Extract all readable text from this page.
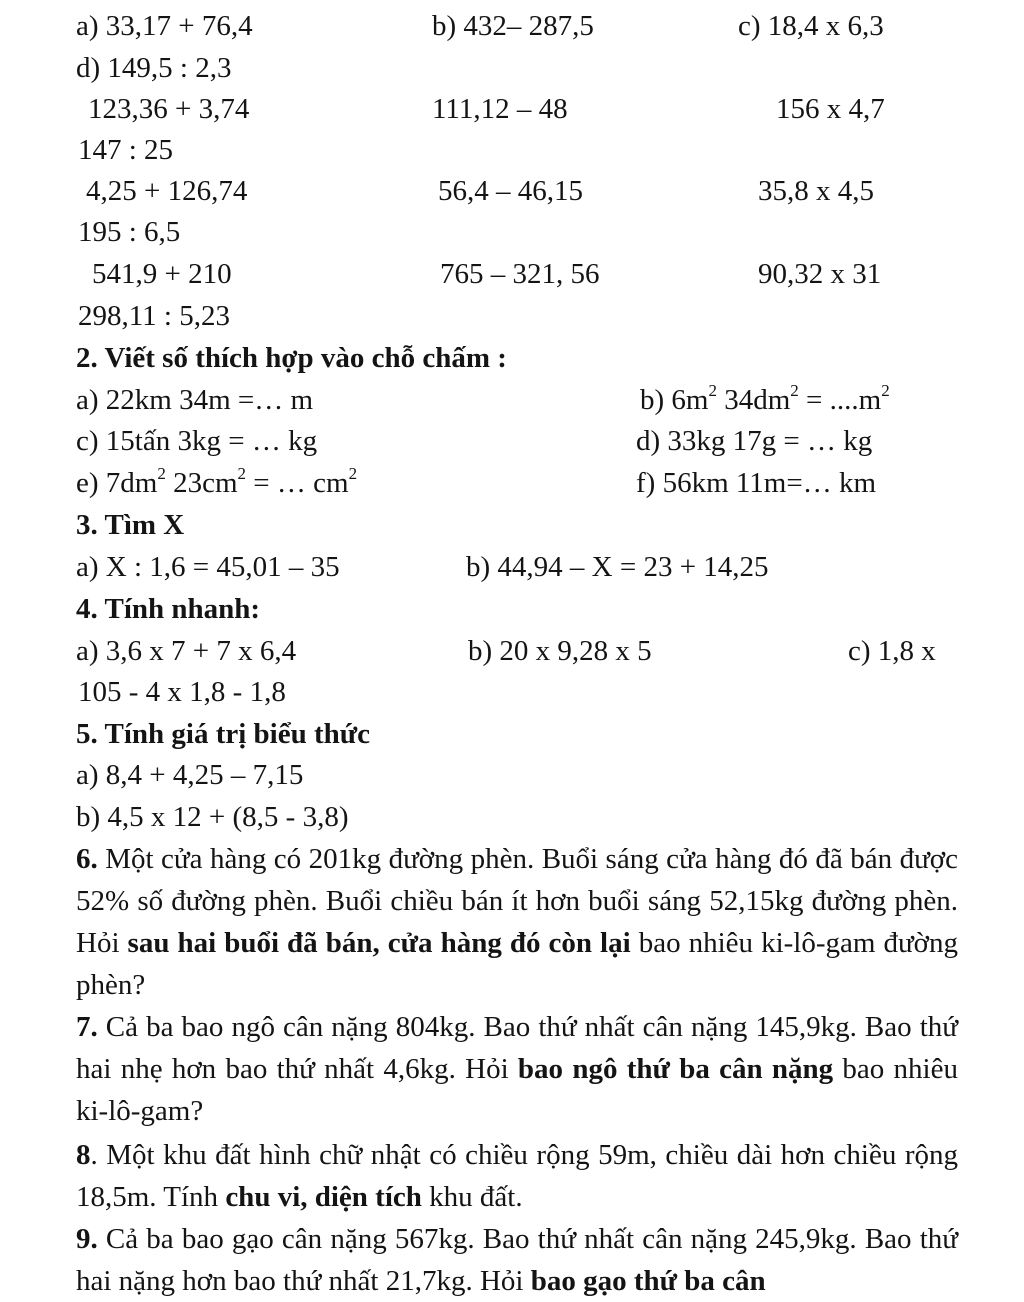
a) 33,17 + 76,4	b) 432– 287,5	c) 18,4 x 6,3
d) 149,5 : 2,3
123,36 + 3,74	111,12 – 48	156 x 4,7
147 : 25
4,25 + 126,74	56,4 – 46,15	35,8 x 4,5
195 : 6,5
541,9 + 210	765 – 321, 56	90,32 x 31
298,11 : 5,23
2. Viết số thích hợp vào chỗ chấm :
a) 22km 34m =… m	b) $6m^2$ $34dm^2 = ....m^2$
c) 15tấn 3kg = … kg	d) 33kg 17g = … kg
e) $7dm^2$ $23cm^2$ = … $cm^2$	f) 56km 11m=… km
3. Tìm X
a) X : 1,6 = 45,01 – 35	b) 44,94 – X = 23 + 14,25
4. Tính nhanh:
a) 3,6 x 7 + 7 x 6,4	b) 20 x 9,28 x 5	c) 1,8 x
105 - 4 x 1,8 - 1,8
5. Tính giá trị biểu thức
a) 8,4 + 4,25 – 7,15
b) 4,5 x 12 + (8,5 - 3,8)
6. Một cửa hàng có 201kg đường phèn. Buổi sáng cửa hàng đó đã bán được 52% số đường phèn. Buổi chiều bán ít hơn buổi sáng 52,15kg đường phèn. Hỏi sau hai buổi đã bán, cửa hàng đó còn lại bao nhiêu ki-lô-gam đường phèn?
7. Cả ba bao ngô cân nặng 804kg. Bao thứ nhất cân nặng 145,9kg. Bao thứ hai nhẹ hơn bao thứ nhất 4,6kg. Hỏi bao ngô thứ ba cân nặng bao nhiêu ki-lô-gam?
8. Một khu đất hình chữ nhật có chiều rộng 59m, chiều dài hơn chiều rộng 18,5m. Tính chu vi, diện tích khu đất.
9. Cả ba bao gạo cân nặng 567kg. Bao thứ nhất cân nặng 245,9kg. Bao thứ hai nặng hơn bao thứ nhất 21,7kg. Hỏi bao gạo thứ ba cân
